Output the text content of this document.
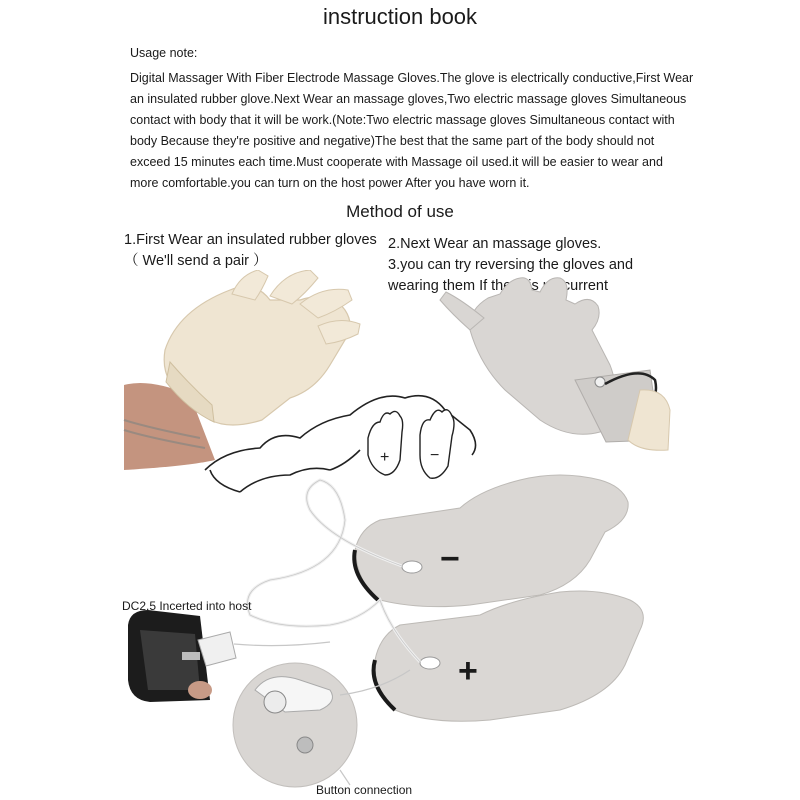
instruction book
Usage note:
Digital Massager With Fiber Electrode Massage Gloves.The glove is electrically conductive,First Wear
an insulated rubber glove.Next Wear an massage gloves,Two electric massage gloves Simultaneous
contact with body that it will be work.(Note:Two electric massage gloves Simultaneous contact with
body Because they're positive and negative)The best that the same part of the body should not
exceed 15 minutes each time.Must cooperate with Massage oil used.it will be easier to wear and
more comfortable.you can turn on the host power After you have worn it.
Method of use
1.First Wear an insulated rubber gloves
（ We'll send a pair ）
2.Next Wear an massage gloves.
3.you can try reversing the gloves and
wearing them If there is no current
+	−
−
+
DC2.5 Incerted into host
Button connection
